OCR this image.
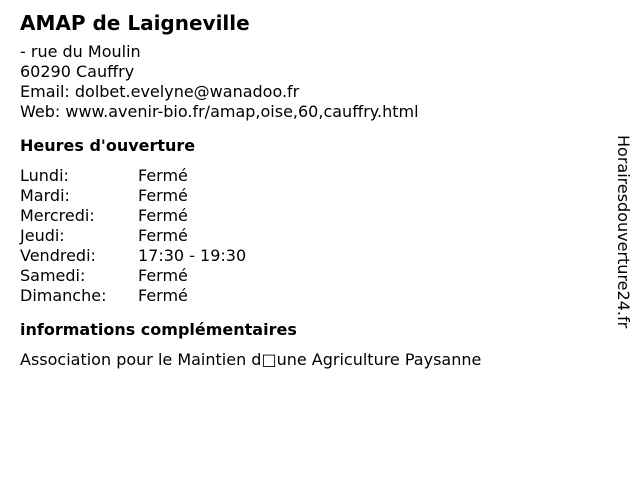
AMAP de Laigneville
- rue du Moulin
60290 Cauffry
Email: dolbet.evelyne@wanadoo.fr
Web: www.avenir-bio.fr/amap,oise,60,cauffry.html
Heures d'ouverture
Lundi:	Fermé
Mardi:	Fermé
Mercredi:	Fermé
Jeudi:	Fermé
Vendredi:	17:30 - 19:30
Samedi:	Fermé
Dimanche:	Fermé
informations complémentaires
Association pour le Maintien d□une Agriculture Paysanne
Horairesdouverture24.fr
